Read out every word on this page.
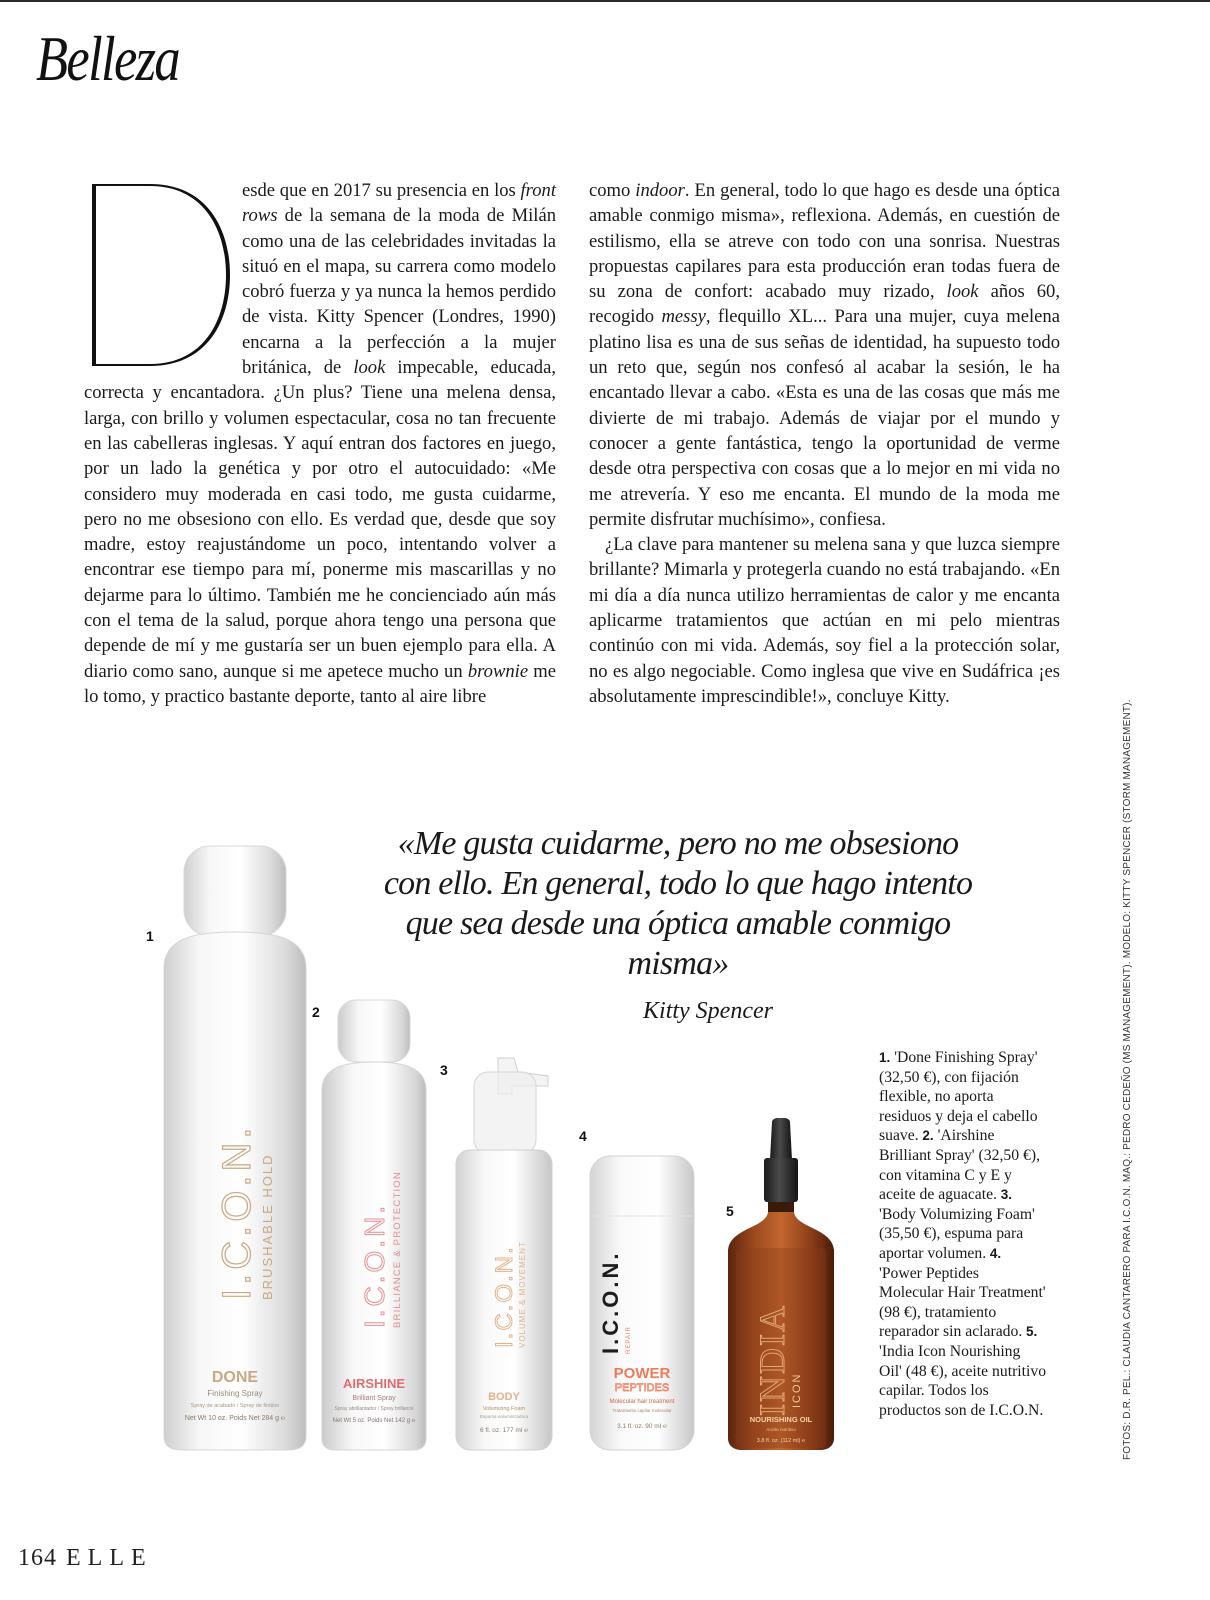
Belleza

esde que en 2017 su presencia en los front rows de la semana de la moda de Milán como una de las celebridades invitadas la situó en el mapa, su carrera como modelo cobró fuerza y ya nunca la hemos perdido de vista. Kitty Spencer (Londres, 1990) encarna a la perfección a la mujer británica, de look impecable, educada, correcta y encantadora. ¿Un plus? Tiene una melena densa, larga, con brillo y volumen espectacular, cosa no tan frecuente en las cabelleras inglesas. Y aquí entran dos factores en juego, por un lado la genética y por otro el autocuidado: «Me considero muy moderada en casi todo, me gusta cuidarme, pero no me obsesiono con ello. Es verdad que, desde que soy madre, estoy reajustándome un poco, intentando volver a encontrar ese tiempo para mí, ponerme mis mascarillas y no dejarme para lo último. También me he concienciado aún más con el tema de la salud, porque ahora tengo una persona que depende de mí y me gustaría ser un buen ejemplo para ella. A diario como sano, aunque si me apetece mucho un brownie me lo tomo, y practico bastante deporte, tanto al aire libre

como indoor. En general, todo lo que hago es desde una óptica amable conmigo misma», reflexiona. Además, en cuestión de estilismo, ella se atreve con todo con una sonrisa. Nuestras propuestas capilares para esta producción eran todas fuera de su zona de confort: acabado muy rizado, look años 60, recogido messy, flequillo XL... Para una mujer, cuya melena platino lisa es una de sus señas de identidad, ha supuesto todo un reto que, según nos confesó al acabar la sesión, le ha encantado llevar a cabo. «Esta es una de las cosas que más me divierte de mi trabajo. Además de viajar por el mundo y conocer a gente fantástica, tengo la oportunidad de verme desde otra perspectiva con cosas que a lo mejor en mi vida no me atrevería. Y eso me encanta. El mundo de la moda me permite disfrutar muchísimo», confiesa.

¿La clave para mantener su melena sana y que luzca siempre brillante? Mimarla y protegerla cuando no está trabajando. «En mi día a día nunca utilizo herramientas de calor y me encanta aplicarme tratamientos que actúan en mi pelo mientras continúo con mi vida. Además, soy fiel a la protección solar, no es algo negociable. Como inglesa que vive en Sudáfrica ¡es absolutamente imprescindible!», concluye Kitty.

«Me gusta cuidarme, pero no me obsesiono con ello. En general, todo lo que hago intento que sea desde una óptica amable conmigo misma»

Kitty Spencer
1
2
3
4
5
I.C.O.N. BRUSHABLE HOLD
DONE
Finishing Spray
Spray de acabado / Spray de finition
Net Wt 10 oz. Poids Net 284 g ℮
I.C.O.N. BRILLIANCE & PROTECTION
AIRSHINE
Brilliant Spray
Spray abrillantador / Spray brillance
Net Wt 5 oz. Poids Net 142 g ℮
I.C.O.N. VOLUME & MOVEMENT
BODY
Volumizing Foam
Espuma voluminizadora
6 fl. oz. 177 ml ℮
I.C.O.N. REPAIR
POWER
PEPTIDES
Molecular hair treatment
Tratamiento capilar molecular
3.1 fl. oz. 90 ml ℮
INDIA ICON
NOURISHING OIL
Aceite nutritivo
3.8 fl. oz. (112 ml) ℮
1. 'Done Finishing Spray' (32,50 €), con fijación flexible, no aporta residuos y deja el cabello suave. 2. 'Airshine Brilliant Spray' (32,50 €), con vitamina C y E y aceite de aguacate. 3. 'Body Volumizing Foam' (35,50 €), espuma para aportar volumen. 4. 'Power Peptides Molecular Hair Treatment' (98 €), tratamiento reparador sin aclarado. 5. 'India Icon Nourishing Oil' (48 €), aceite nutritivo capilar. Todos los productos son de I.C.O.N.	FOTOS: D.R. PEL.: CLAUDIA CANTARERO PARA I.C.O.N. MAQ.: PEDRO CEDEÑO (MS MANAGEMENT). MODELO: KITTY SPENCER (STORM MANAGEMENT).
164 ELLE
